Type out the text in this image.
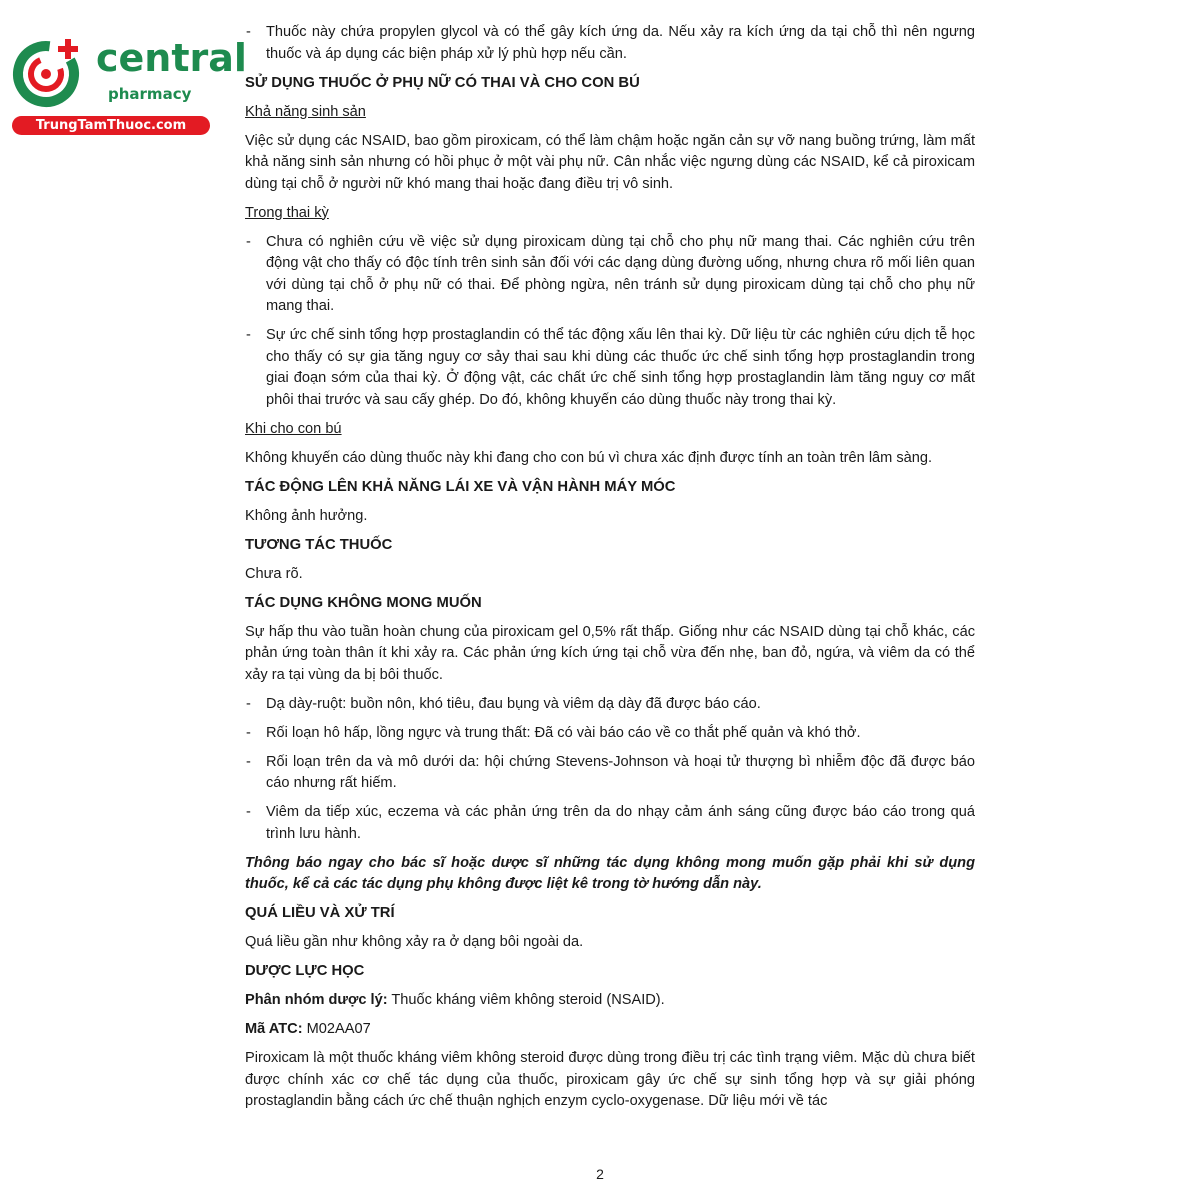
central
pharmacy
TrungTamThuoc.com
- Thuốc này chứa propylen glycol và có thể gây kích ứng da. Nếu xảy ra kích ứng da tại chỗ thì nên ngưng thuốc và áp dụng các biện pháp xử lý phù hợp nếu cần.
SỬ DỤNG THUỐC Ở PHỤ NỮ CÓ THAI VÀ CHO CON BÚ
Khả năng sinh sản
Việc sử dụng các NSAID, bao gồm piroxicam, có thể làm chậm hoặc ngăn cản sự vỡ nang buồng trứng, làm mất khả năng sinh sản nhưng có hồi phục ở một vài phụ nữ. Cân nhắc việc ngưng dùng các NSAID, kể cả piroxicam dùng tại chỗ ở người nữ khó mang thai hoặc đang điều trị vô sinh.
Trong thai kỳ
- Chưa có nghiên cứu về việc sử dụng piroxicam dùng tại chỗ cho phụ nữ mang thai. Các nghiên cứu trên động vật cho thấy có độc tính trên sinh sản đối với các dạng dùng đường uống, nhưng chưa rõ mối liên quan với dùng tại chỗ ở phụ nữ có thai. Để phòng ngừa, nên tránh sử dụng piroxicam dùng tại chỗ cho phụ nữ mang thai.
- Sự ức chế sinh tổng hợp prostaglandin có thể tác động xấu lên thai kỳ. Dữ liệu từ các nghiên cứu dịch tễ học cho thấy có sự gia tăng nguy cơ sảy thai sau khi dùng các thuốc ức chế sinh tổng hợp prostaglandin trong giai đoạn sớm của thai kỳ. Ở động vật, các chất ức chế sinh tổng hợp prostaglandin làm tăng nguy cơ mất phôi thai trước và sau cấy ghép. Do đó, không khuyến cáo dùng thuốc này trong thai kỳ.
Khi cho con bú
Không khuyến cáo dùng thuốc này khi đang cho con bú vì chưa xác định được tính an toàn trên lâm sàng.
TÁC ĐỘNG LÊN KHẢ NĂNG LÁI XE VÀ VẬN HÀNH MÁY MÓC
Không ảnh hưởng.
TƯƠNG TÁC THUỐC
Chưa rõ.
TÁC DỤNG KHÔNG MONG MUỐN
Sự hấp thu vào tuần hoàn chung của piroxicam gel 0,5% rất thấp. Giống như các NSAID dùng tại chỗ khác, các phản ứng toàn thân ít khi xảy ra. Các phản ứng kích ứng tại chỗ vừa đến nhẹ, ban đỏ, ngứa, và viêm da có thể xảy ra tại vùng da bị bôi thuốc.
- Dạ dày-ruột: buồn nôn, khó tiêu, đau bụng và viêm dạ dày đã được báo cáo.
- Rối loạn hô hấp, lồng ngực và trung thất: Đã có vài báo cáo về co thắt phế quản và khó thở.
- Rối loạn trên da và mô dưới da: hội chứng Stevens-Johnson và hoại tử thượng bì nhiễm độc đã được báo cáo nhưng rất hiếm.
- Viêm da tiếp xúc, eczema và các phản ứng trên da do nhạy cảm ánh sáng cũng được báo cáo trong quá trình lưu hành.
Thông báo ngay cho bác sĩ hoặc dược sĩ những tác dụng không mong muốn gặp phải khi sử dụng thuốc, kể cả các tác dụng phụ không được liệt kê trong tờ hướng dẫn này.
QUÁ LIỀU VÀ XỬ TRÍ
Quá liều gần như không xảy ra ở dạng bôi ngoài da.
DƯỢC LỰC HỌC
Phân nhóm dược lý: Thuốc kháng viêm không steroid (NSAID).
Mã ATC: M02AA07
Piroxicam là một thuốc kháng viêm không steroid được dùng trong điều trị các tình trạng viêm. Mặc dù chưa biết được chính xác cơ chế tác dụng của thuốc, piroxicam gây ức chế sự sinh tổng hợp và sự giải phóng prostaglandin bằng cách ức chế thuận nghịch enzym cyclo-oxygenase. Dữ liệu mới về tác
2
